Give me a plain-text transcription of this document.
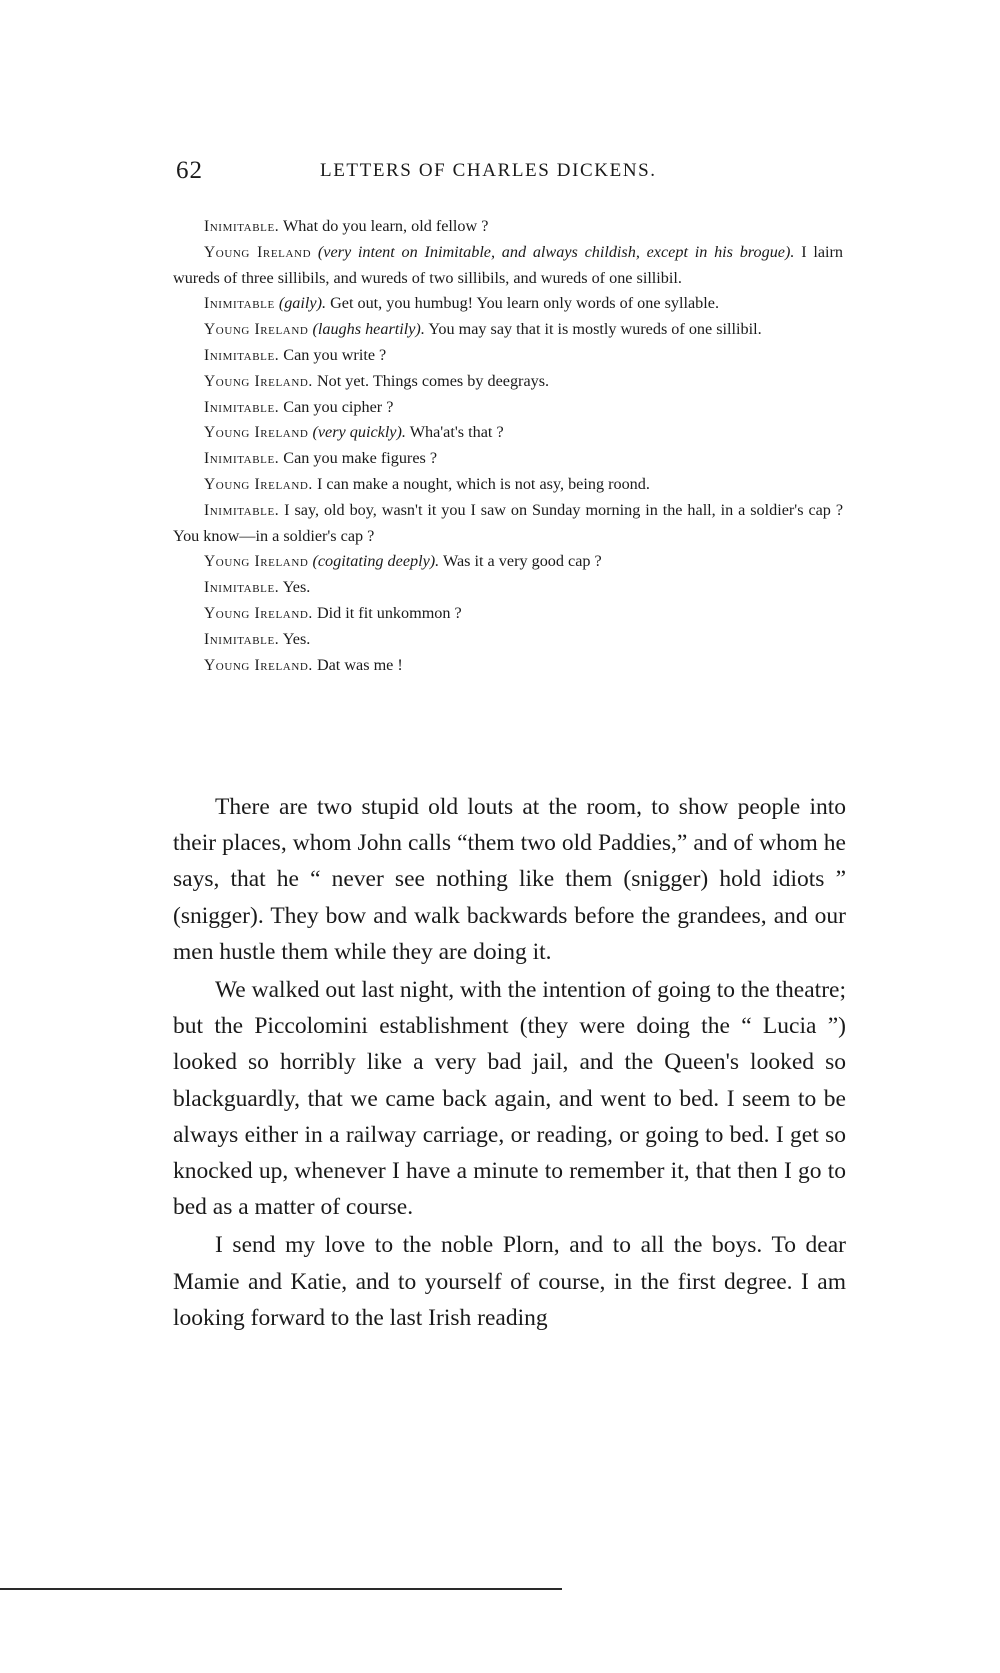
62	LETTERS OF CHARLES DICKENS.

Inimitable. What do you learn, old fellow ?

Young Ireland (very intent on Inimitable, and always childish, except in his brogue). I lairn wureds of three sillibils, and wureds of two sillibils, and wureds of one sillibil.

Inimitable (gaily). Get out, you humbug! You learn only words of one syllable.

Young Ireland (laughs heartily). You may say that it is mostly wureds of one sillibil.

Inimitable. Can you write ?

Young Ireland. Not yet. Things comes by deegrays.

Inimitable. Can you cipher ?

Young Ireland (very quickly). Wha'at's that ?

Inimitable. Can you make figures ?

Young Ireland. I can make a nought, which is not asy, being roond.

Inimitable. I say, old boy, wasn't it you I saw on Sunday morning in the hall, in a soldier's cap ? You know—in a soldier's cap ?

Young Ireland (cogitating deeply). Was it a very good cap ?

Inimitable. Yes.

Young Ireland. Did it fit unkommon ?

Inimitable. Yes.

Young Ireland. Dat was me !

There are two stupid old louts at the room, to show people into their places, whom John calls “them two old Paddies,” and of whom he says, that he “ never see nothing like them (snigger) hold idiots ” (snigger). They bow and walk backwards before the grandees, and our men hustle them while they are doing it.

We walked out last night, with the intention of going to the theatre; but the Piccolomini establishment (they were doing the “ Lucia ”) looked so horribly like a very bad jail, and the Queen's looked so blackguardly, that we came back again, and went to bed. I seem to be always either in a railway carriage, or reading, or going to bed. I get so knocked up, whenever I have a minute to remember it, that then I go to bed as a matter of course.

I send my love to the noble Plorn, and to all the boys. To dear Mamie and Katie, and to yourself of course, in the first degree. I am looking forward to the last Irish reading
